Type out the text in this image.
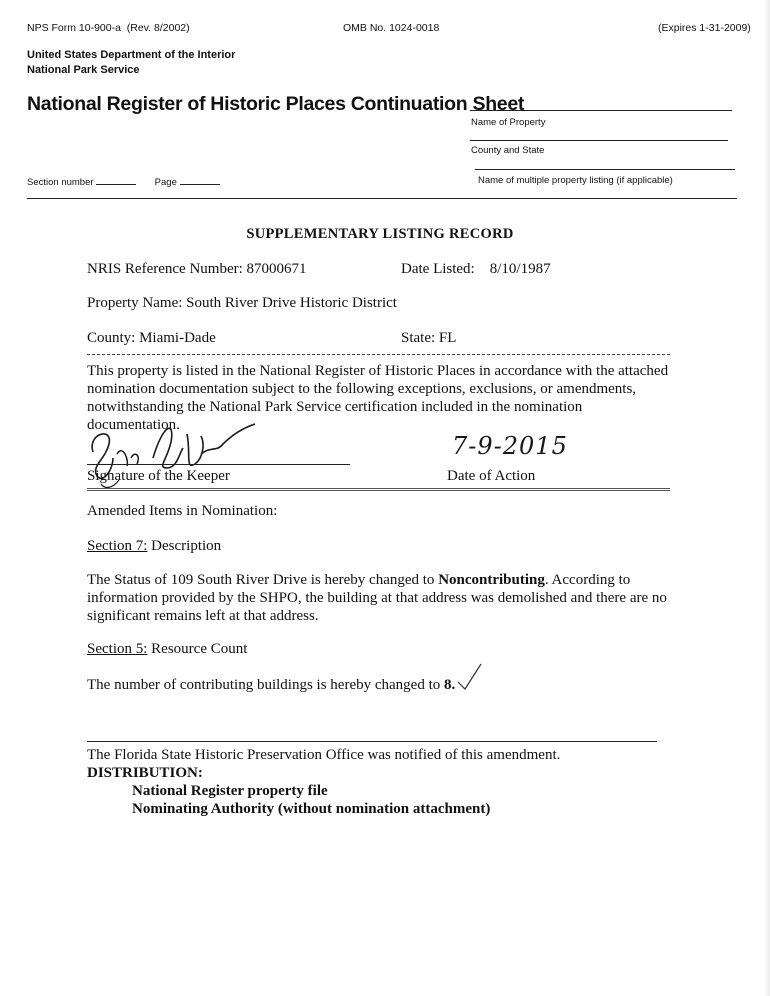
NPS Form 10-900-a (Rev. 8/2002)	OMB No. 1024-0018	(Expires 1-31-2009)
United States Department of the Interior
National Park Service
National Register of Historic Places Continuation Sheet
Name of Property
County and State
Name of multiple property listing (if applicable)
Section number	Page
SUPPLEMENTARY LISTING RECORD
NRIS Reference Number: 87000671	Date Listed: 8/10/1987
Property Name: South River Drive Historic District
County: Miami-Dade	State: FL
This property is listed in the National Register of Historic Places in accordance with the attached nomination documentation subject to the following exceptions, exclusions, or amendments, notwithstanding the National Park Service certification included in the nomination documentation.
Signature of the Keeper
7-9-2015
Date of Action
Amended Items in Nomination:
Section 7: Description
The Status of 109 South River Drive is hereby changed to Noncontributing. According to information provided by the SHPO, the building at that address was demolished and there are no significant remains left at that address.
Section 5: Resource Count
The number of contributing buildings is hereby changed to 8.
The Florida State Historic Preservation Office was notified of this amendment.
DISTRIBUTION:
National Register property file
Nominating Authority (without nomination attachment)
